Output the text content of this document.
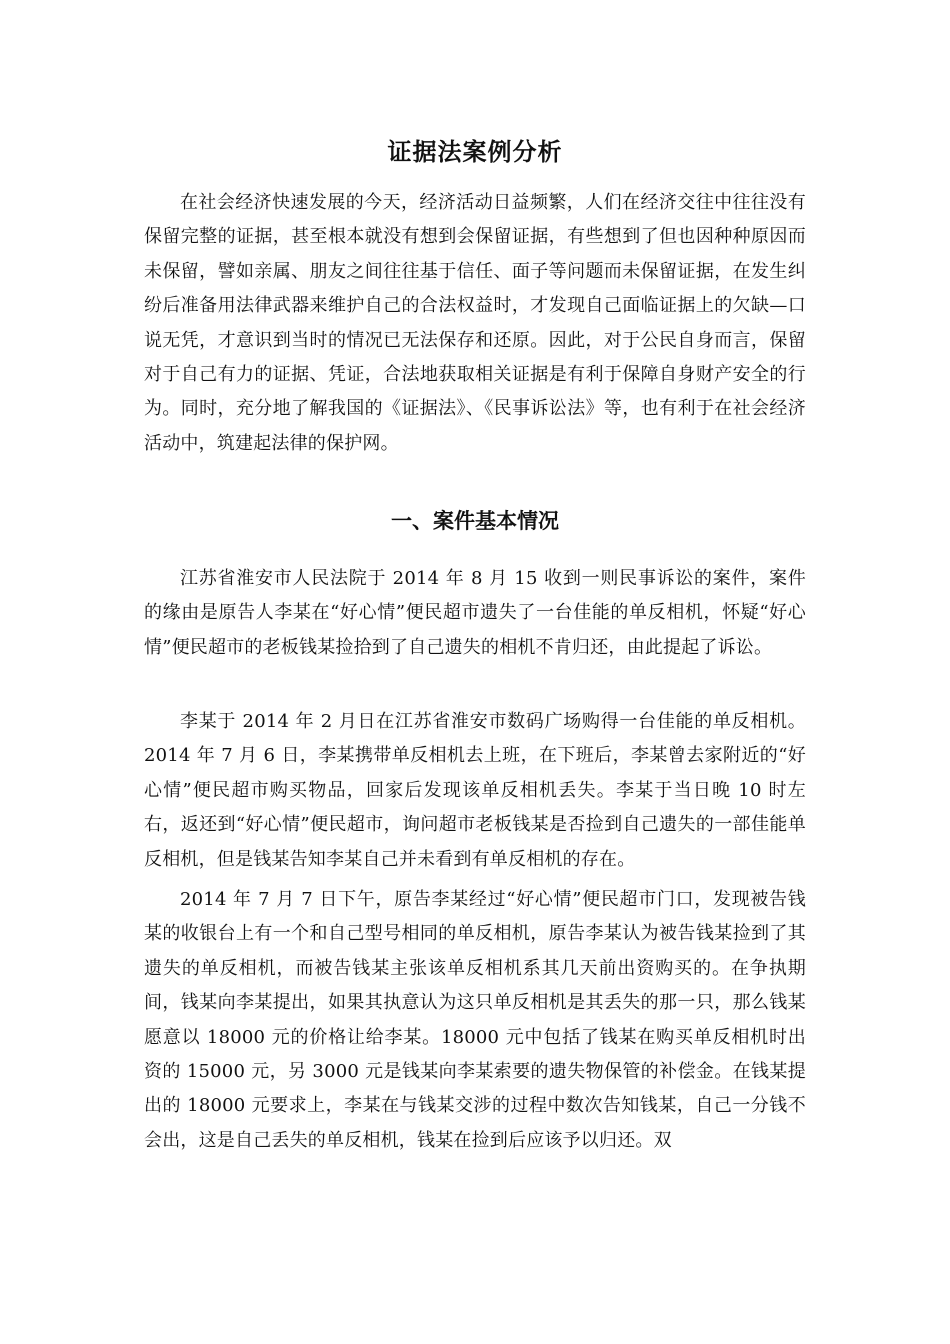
证据法案例分析

在社会经济快速发展的今天，经济活动日益频繁，人们在经济交往中往往没有保留完整的证据，甚至根本就没有想到会保留证据，有些想到了但也因种种原因而未保留，譬如亲属、朋友之间往往基于信任、面子等问题而未保留证据，在发生纠纷后准备用法律武器来维护自己的合法权益时，才发现自己面临证据上的欠缺—口说无凭，才意识到当时的情况已无法保存和还原。因此，对于公民自身而言，保留对于自己有力的证据、凭证，合法地获取相关证据是有利于保障自身财产安全的行为。同时，充分地了解我国的《证据法》、《民事诉讼法》等，也有利于在社会经济活动中，筑建起法律的保护网。

一、案件基本情况

江苏省淮安市人民法院于 2014 年 8 月 15 收到一则民事诉讼的案件，案件的缘由是原告人李某在“好心情”便民超市遗失了一台佳能的单反相机，怀疑“好心情”便民超市的老板钱某捡拾到了自己遗失的相机不肯归还，由此提起了诉讼。

李某于 2014 年 2 月日在江苏省淮安市数码广场购得一台佳能的单反相机。2014 年 7 月 6 日，李某携带单反相机去上班，在下班后，李某曾去家附近的“好心情”便民超市购买物品，回家后发现该单反相机丢失。李某于当日晚 10 时左右，返还到“好心情”便民超市，询问超市老板钱某是否捡到自己遗失的一部佳能单反相机，但是钱某告知李某自己并未看到有单反相机的存在。

2014 年 7 月 7 日下午，原告李某经过“好心情”便民超市门口，发现被告钱某的收银台上有一个和自己型号相同的单反相机，原告李某认为被告钱某捡到了其遗失的单反相机，而被告钱某主张该单反相机系其几天前出资购买的。在争执期间，钱某向李某提出，如果其执意认为这只单反相机是其丢失的那一只，那么钱某愿意以 18000 元的价格让给李某。18000 元中包括了钱某在购买单反相机时出资的 15000 元，另 3000 元是钱某向李某索要的遗失物保管的补偿金。在钱某提出的 18000 元要求上，李某在与钱某交涉的过程中数次告知钱某，自己一分钱不会出，这是自己丢失的单反相机，钱某在捡到后应该予以归还。双
